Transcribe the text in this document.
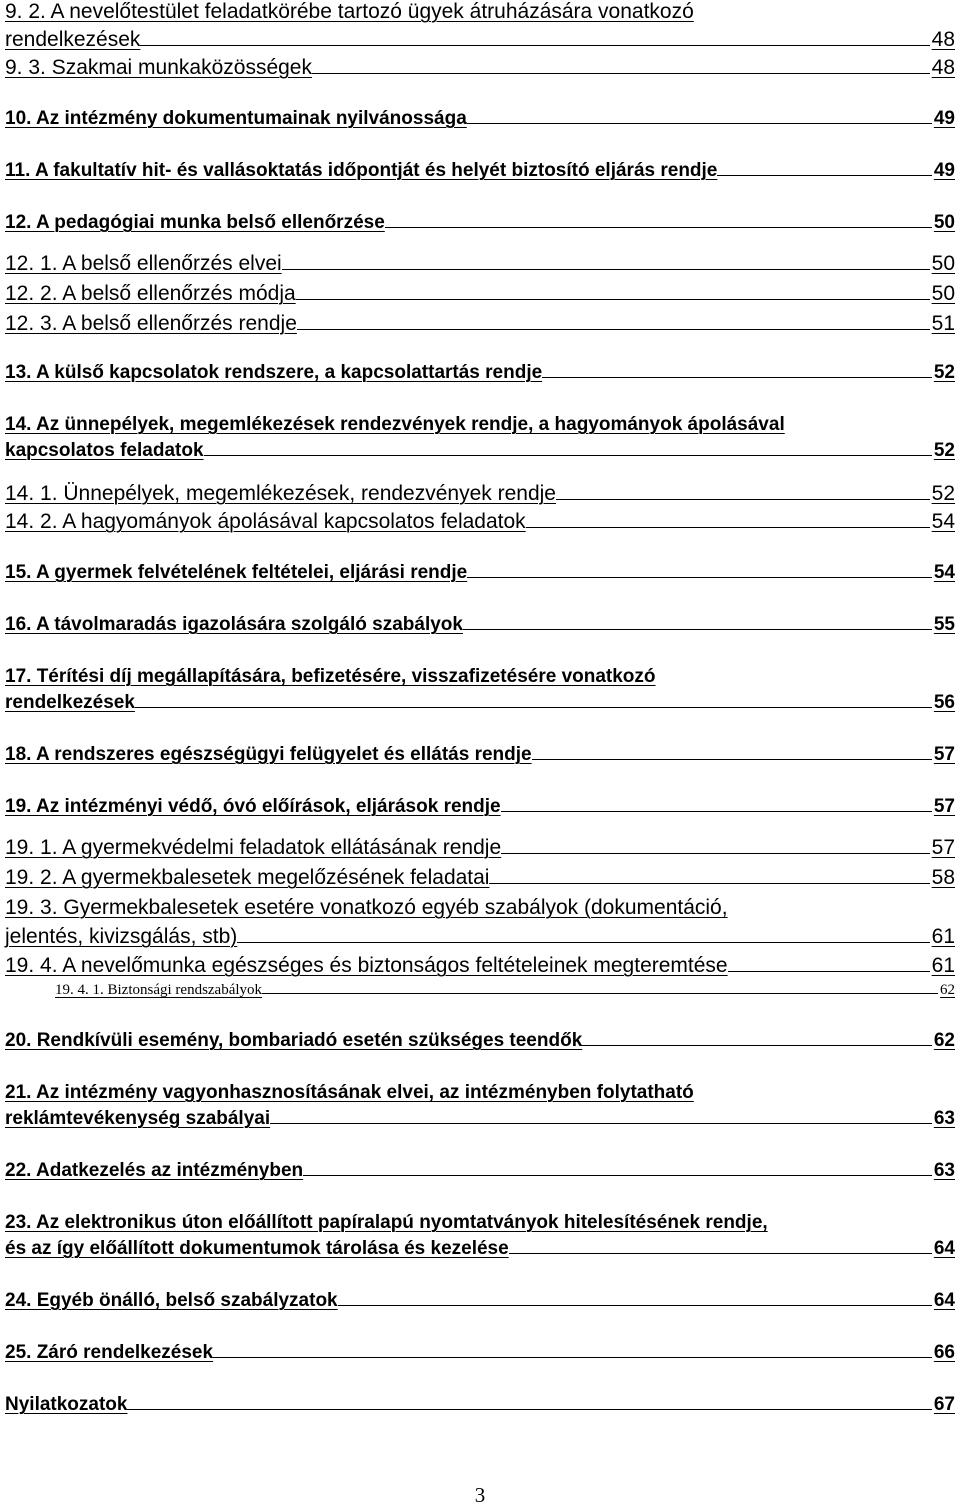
9. 2. A nevelőtestület feladatkörébe tartozó ügyek átruházására vonatkozó
rendelkezések .....	48
9. 3. Szakmai munkaközösségek .....	48
10. Az intézmény dokumentumainak nyilvánossága .....	49
11. A fakultatív hit- és vallásoktatás időpontját és helyét biztosító eljárás rendje .....	49
12. A pedagógiai munka belső ellenőrzése .....	50
12. 1. A belső ellenőrzés elvei .....	50
12. 2. A belső ellenőrzés módja .....	50
12. 3. A belső ellenőrzés rendje .....	51
13. A külső kapcsolatok rendszere, a kapcsolattartás rendje .....	52
14. Az ünnepélyek, megemlékezések rendezvények rendje, a hagyományok ápolásával
kapcsolatos feladatok .....	52
14. 1. Ünnepélyek, megemlékezések, rendezvények rendje .....	52
14. 2. A hagyományok ápolásával kapcsolatos feladatok .....	54
15. A gyermek felvételének feltételei, eljárási rendje .....	54
16. A távolmaradás igazolására szolgáló szabályok .....	55
17. Térítési díj megállapítására, befizetésére, visszafizetésére vonatkozó
rendelkezések .....	56
18. A rendszeres egészségügyi felügyelet és ellátás rendje .....	57
19. Az intézményi védő, óvó előírások, eljárások rendje .....	57
19. 1. A gyermekvédelmi feladatok ellátásának rendje .....	57
19. 2. A gyermekbalesetek megelőzésének feladatai .....	58
19. 3. Gyermekbalesetek esetére vonatkozó egyéb szabályok (dokumentáció,
jelentés, kivizsgálás, stb) .....	61
19. 4. A nevelőmunka egészséges és biztonságos feltételeinek megteremtése .....	61
19. 4. 1. Biztonsági rendszabályok .....	62
20. Rendkívüli esemény, bombariadó esetén szükséges teendők .....	62
21. Az intézmény vagyonhasznosításának elvei, az intézményben folytatható
reklámtevékenység szabályai .....	63
22. Adatkezelés az intézményben .....	63
23. Az elektronikus úton előállított papíralapú nyomtatványok hitelesítésének rendje,
és az így előállított dokumentumok tárolása és kezelése .....	64
24. Egyéb önálló, belső szabályzatok .....	64
25. Záró rendelkezések .....	66
Nyilatkozatok .....	67
3
